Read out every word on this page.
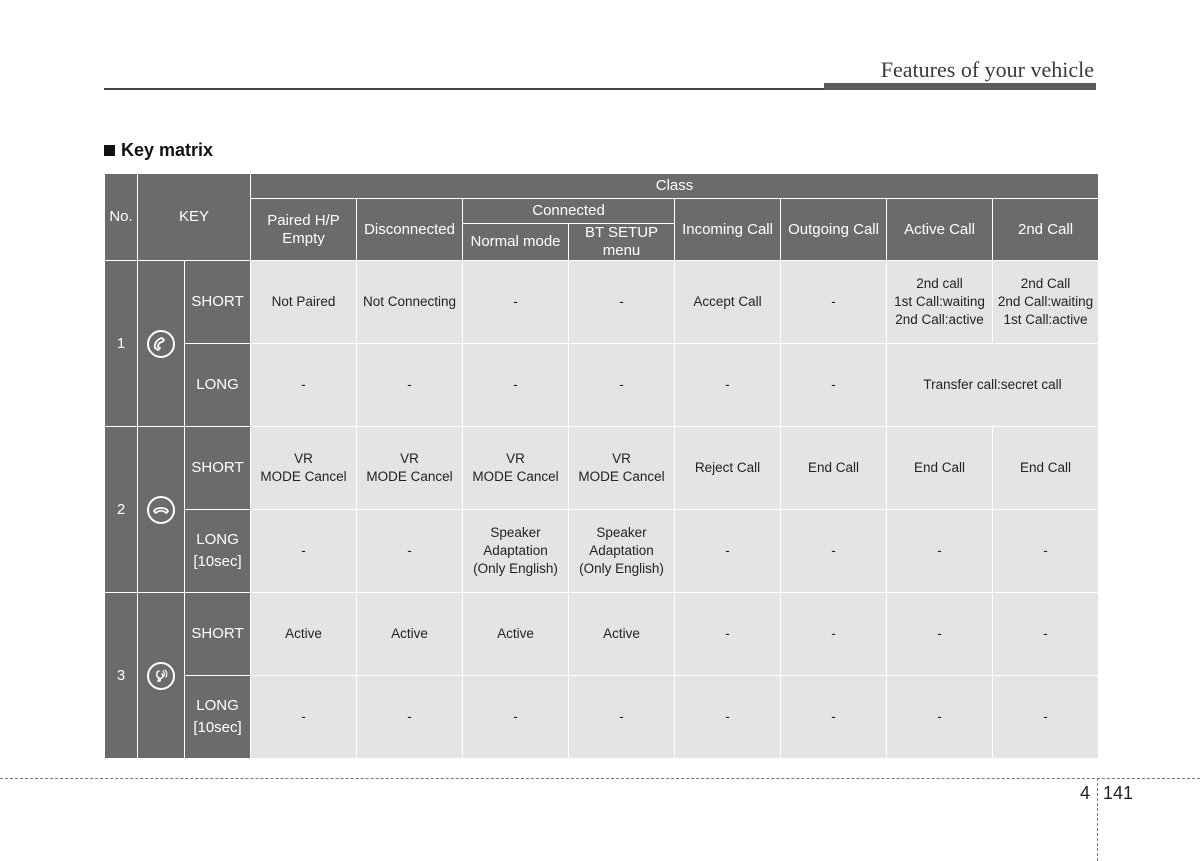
Features of your vehicle
Key matrix
No.	KEY		Class							
			Paired H/P
Empty	Disconnected	Connected		Incoming Call	Outgoing Call	Active Call	2nd Call
					Normal mode	BT SETUP menu				
1		SHORT	Not Paired	Not Connecting	-	-	Accept Call	-	2nd call
1st Call:waiting
2nd Call:active	2nd Call
2nd Call:waiting
1st Call:active
		LONG	-	-	-	-	-	-	Transfer call:secret call	
2		SHORT	VR
MODE Cancel	VR
MODE Cancel	VR
MODE Cancel	VR
MODE Cancel	Reject Call	End Call	End Call	End Call
		LONG
[10sec]	-	-	Speaker
Adaptation
(Only English)	Speaker
Adaptation
(Only English)	-	-	-	-
3		SHORT	Active	Active	Active	Active	-	-	-	-
		LONG
[10sec]	-	-	-	-	-	-	-	-
4 141
